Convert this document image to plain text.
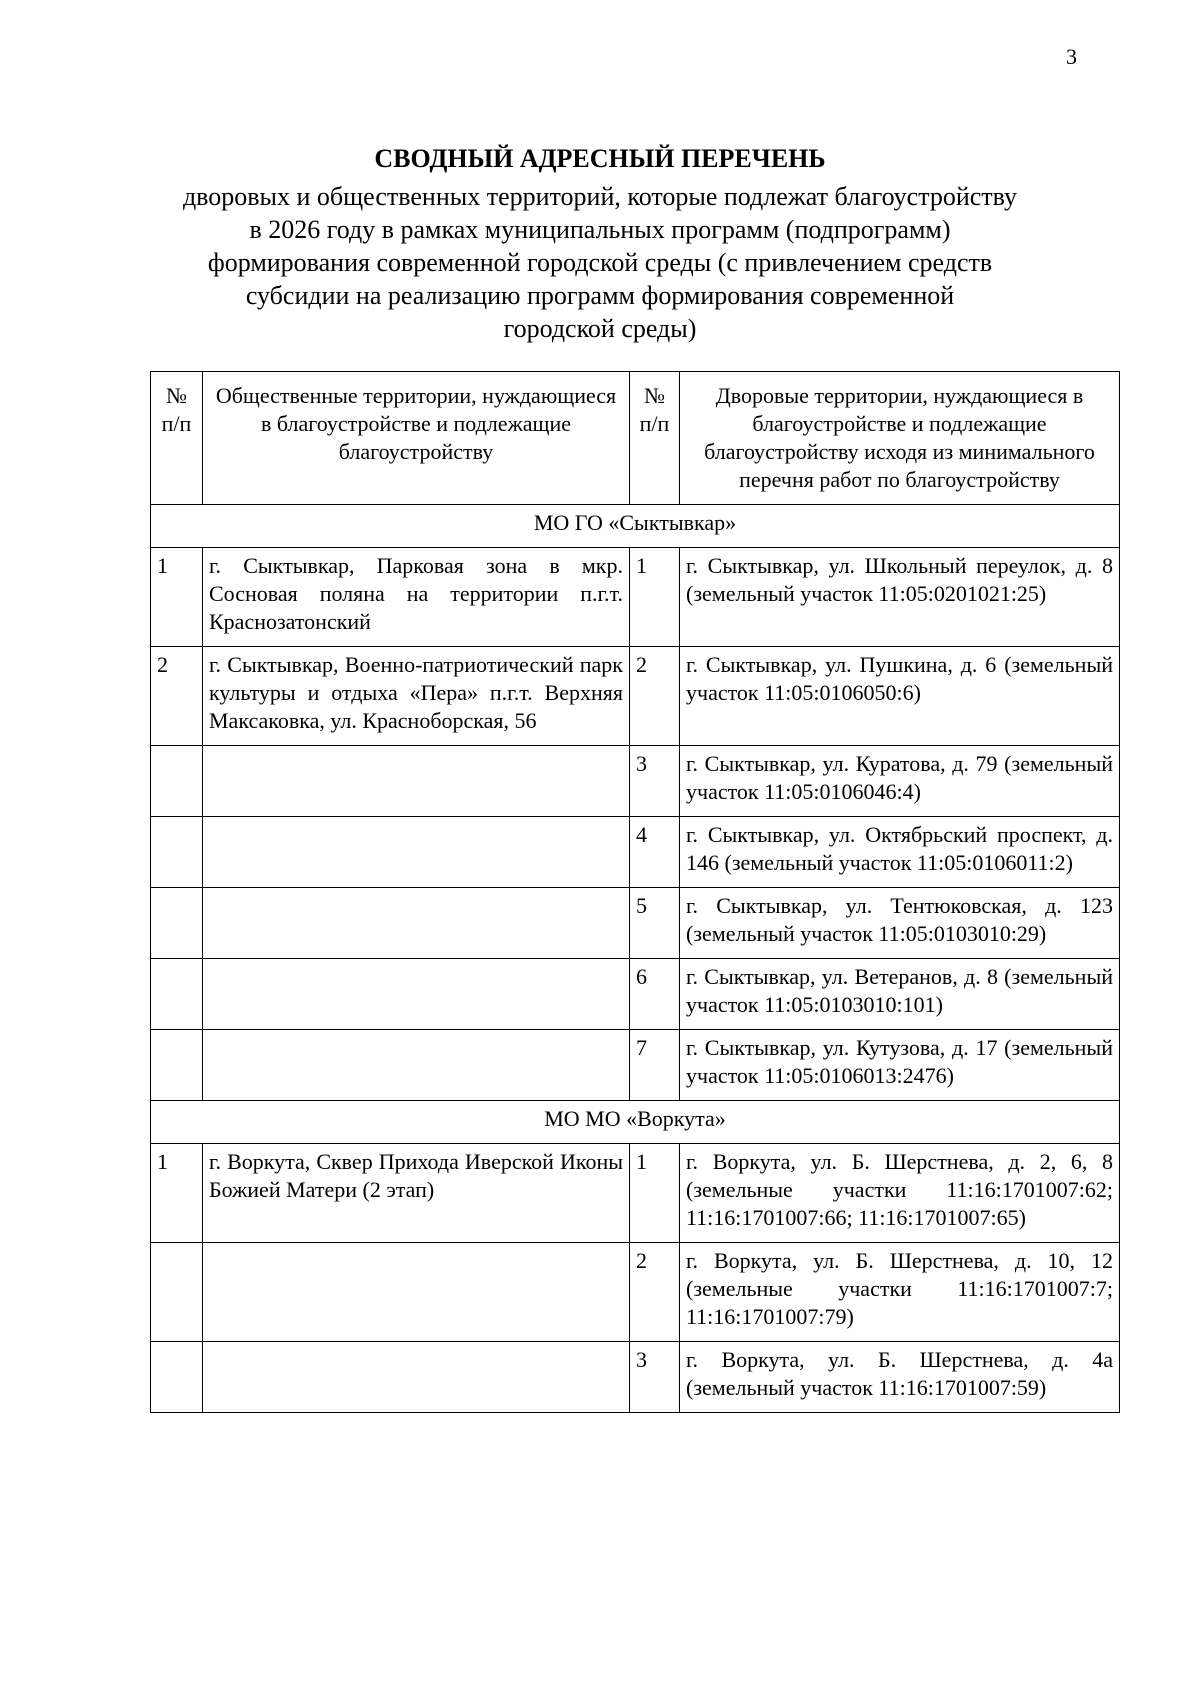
3
СВОДНЫЙ АДРЕСНЫЙ ПЕРЕЧЕНЬ
дворовых и общественных территорий, которые подлежат благоустройству
в 2026 году в рамках муниципальных программ (подпрограмм)
формирования современной городской среды (с привлечением средств
субсидии на реализацию программ формирования современной
городской среды)
№ п/п	Общественные территории, нуждающиеся в благоустройстве и подлежащие благоустройству	№ п/п	Дворовые территории, нуждающиеся в благоустройстве и подлежащие благоустройству исходя из минимального перечня работ по благоустройству
МО ГО «Сыктывкар»			
1	г. Сыктывкар, Парковая зона в мкр. Сосновая поляна на территории п.г.т. Краснозатонский	1	г. Сыктывкар, ул. Школьный переулок, д. 8 (земельный участок 11:05:0201021:25)
2	г. Сыктывкар, Военно-патриотический парк культуры и отдыха «Пера» п.г.т. Верхняя Максаковка, ул. Красноборская, 56	2	г. Сыктывкар, ул. Пушкина, д. 6 (земельный участок 11:05:0106050:6)
		3	г. Сыктывкар, ул. Куратова, д. 79 (земельный участок 11:05:0106046:4)
		4	г. Сыктывкар, ул. Октябрьский проспект, д. 146 (земельный участок 11:05:0106011:2)
		5	г. Сыктывкар, ул. Тентюковская, д. 123 (земельный участок 11:05:0103010:29)
		6	г. Сыктывкар, ул. Ветеранов, д. 8 (земельный участок 11:05:0103010:101)
		7	г. Сыктывкар, ул. Кутузова, д. 17 (земельный участок 11:05:0106013:2476)
МО МО «Воркута»			
1	г. Воркута, Сквер Прихода Иверской Иконы Божией Матери (2 этап)	1	г. Воркута, ул. Б. Шерстнева, д. 2, 6, 8 (земельные участки 11:16:1701007:62; 11:16:1701007:66; 11:16:1701007:65)
		2	г. Воркута, ул. Б. Шерстнева, д. 10, 12 (земельные участки 11:16:1701007:7; 11:16:1701007:79)
		3	г. Воркута, ул. Б. Шерстнева, д. 4а (земельный участок 11:16:1701007:59)
